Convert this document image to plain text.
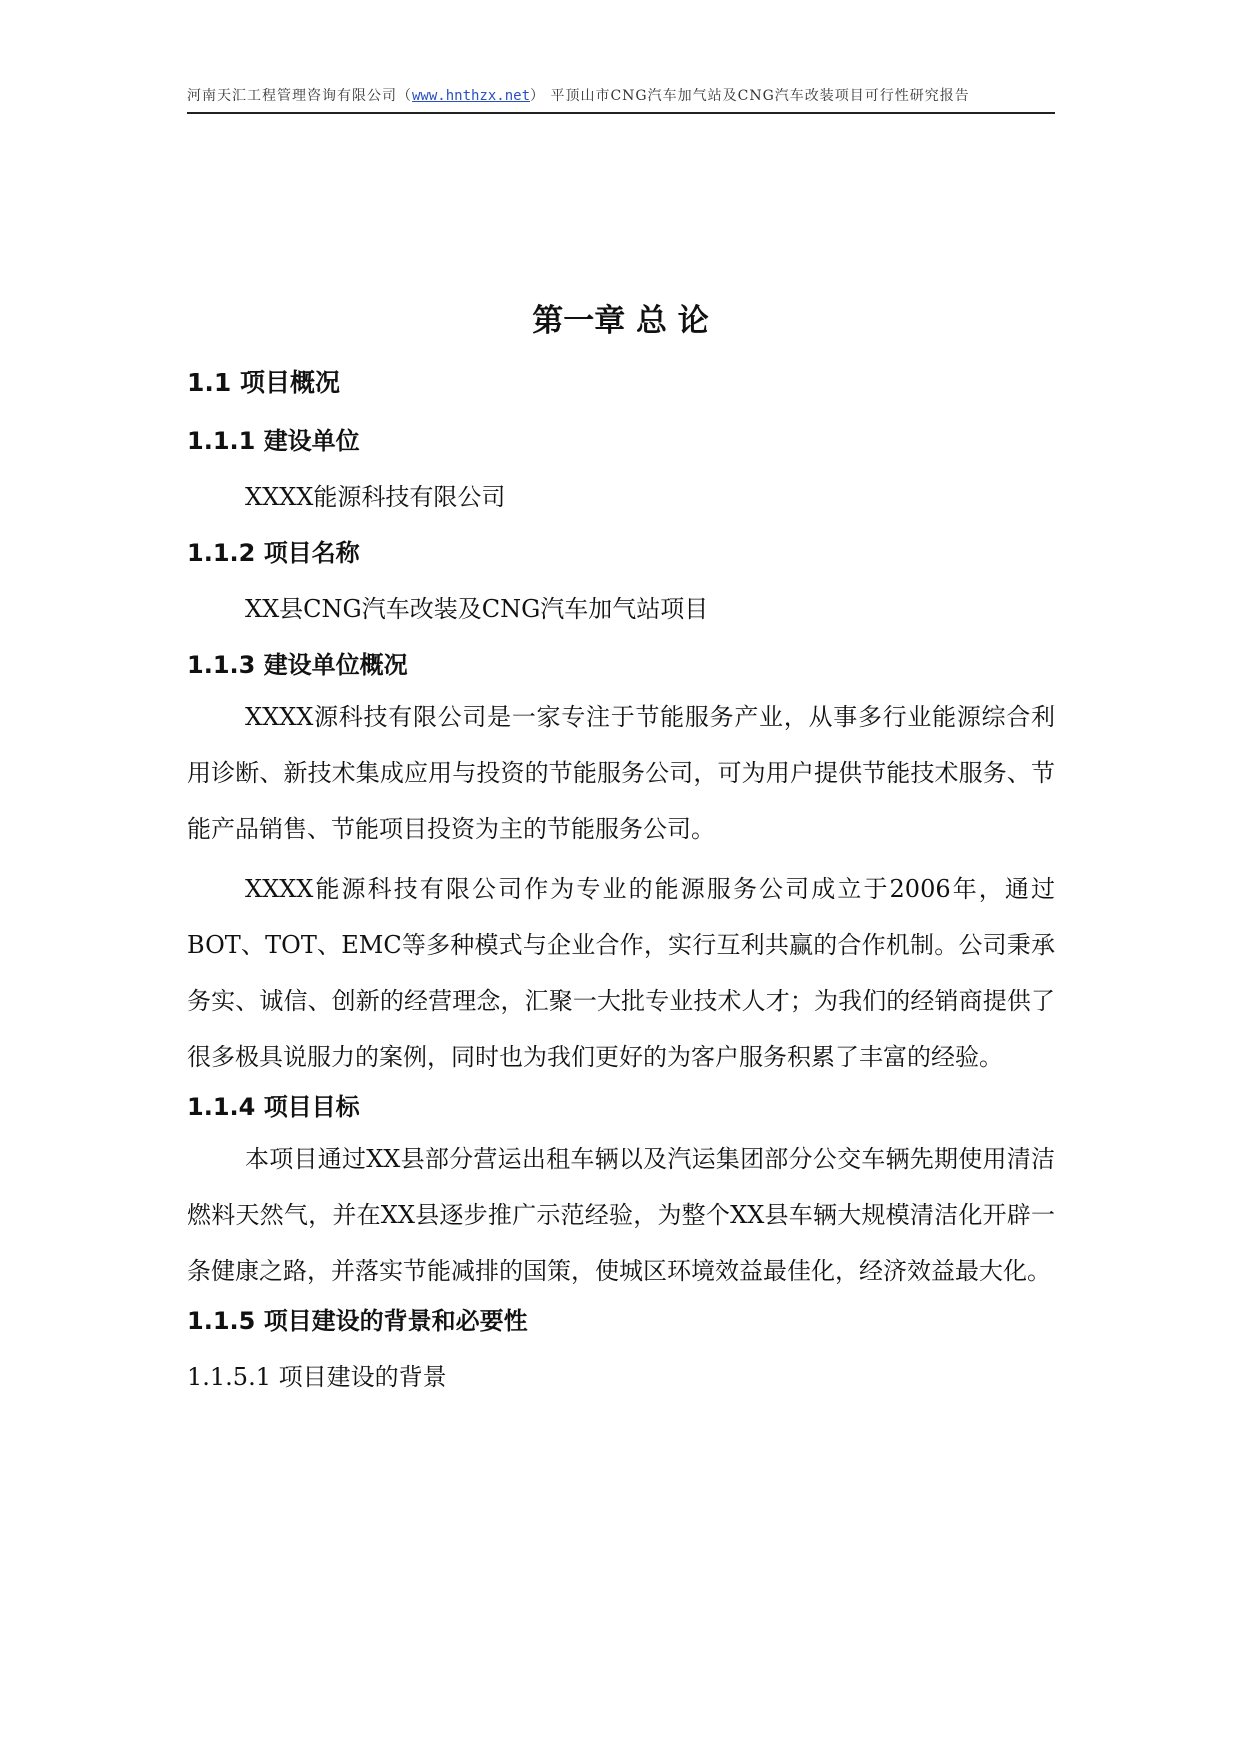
河南天汇工程管理咨询有限公司（www.hnthzx.net） 平顶山市CNG汽车加气站及CNG汽车改装项目可行性研究报告
第一章 总 论
1.1 项目概况
1.1.1 建设单位
XXXX能源科技有限公司
1.1.2 项目名称
XX县CNG汽车改装及CNG汽车加气站项目
1.1.3 建设单位概况
XXXX源科技有限公司是一家专注于节能服务产业，从事多行业能源综合利用诊断、新技术集成应用与投资的节能服务公司，可为用户提供节能技术服务、节能产品销售、节能项目投资为主的节能服务公司。
XXXX能源科技有限公司作为专业的能源服务公司成立于2006年，通过BOT、TOT、EMC等多种模式与企业合作，实行互利共赢的合作机制。公司秉承务实、诚信、创新的经营理念，汇聚一大批专业技术人才；为我们的经销商提供了很多极具说服力的案例，同时也为我们更好的为客户服务积累了丰富的经验。
1.1.4 项目目标
本项目通过XX县部分营运出租车辆以及汽运集团部分公交车辆先期使用清洁燃料天然气，并在XX县逐步推广示范经验，为整个XX县车辆大规模清洁化开辟一条健康之路，并落实节能减排的国策，使城区环境效益最佳化，经济效益最大化。
1.1.5 项目建设的背景和必要性
1.1.5.1 项目建设的背景
